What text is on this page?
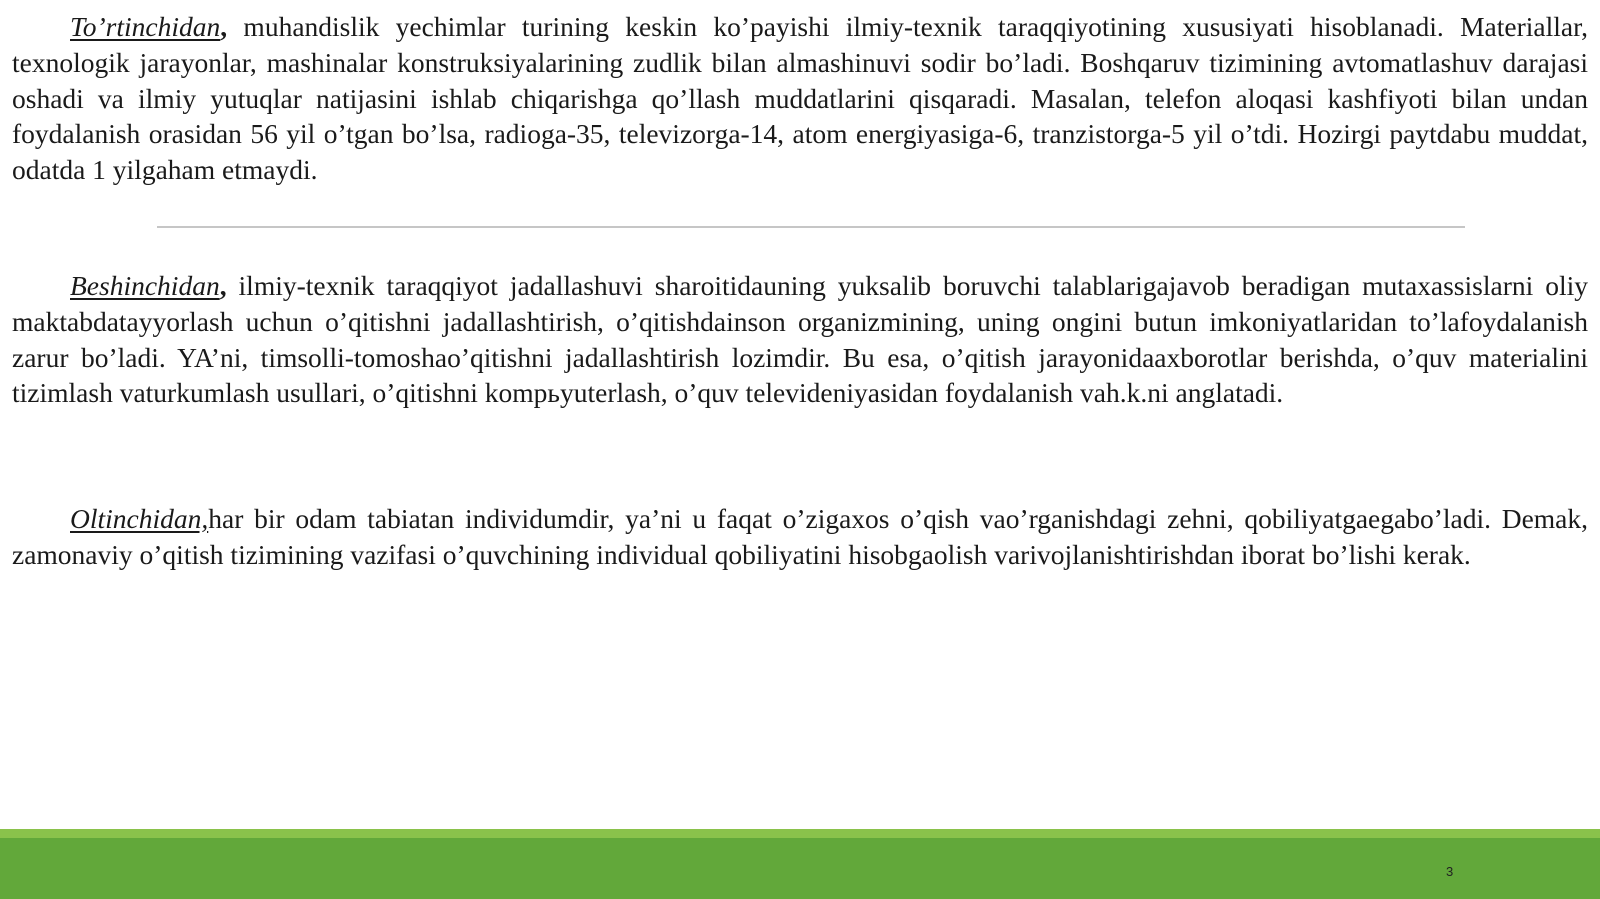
To’rtinchidan, muhandislik yechimlar turining keskin ko’payishi ilmiy-texnik taraqqiyotining xususiyati hisoblanadi. Materiallar, texnologik jarayonlar, mashinalar konstruksiyalarining zudlik bilan almashinuvi sodir bo’ladi. Boshqaruv tizimining avtomatlashuv darajasi oshadi va ilmiy yutuqlar natijasini ishlab chiqarishga qo’llash muddatlarini qisqaradi. Masalan, telefon aloqasi kashfiyoti bilan undan foydalanish orasidan 56 yil o’tgan bo’lsa, radioga-35, televizorga-14, atom energiyasiga-6, tranzistorga-5 yil o’tdi. Hozirgi paytdabu muddat, odatda 1 yilgaham etmaydi.

Beshinchidan, ilmiy-texnik taraqqiyot jadallashuvi sharoitidauning yuksalib boruvchi talablarigajavob beradigan mutaxassislarni oliy maktabdatayyorlash uchun o’qitishni jadallashtirish, o’qitishdainson organizmining, uning ongini butun imkoniyatlaridan to’lafoydalanish zarur bo’ladi. YA’ni, timsolli-tomoshao’qitishni jadallashtirish lozimdir. Bu esa, o’qitish jarayonidaaxborotlar berishda, o’quv materialini tizimlash vaturkumlash usullari, o’qitishni kompьyuterlash, o’quv televideniyasidan foydalanish vah.k.ni anglatadi.

Oltinchidan,har bir odam tabiatan individumdir, ya’ni u faqat o’zigaxos o’qish vao’rganishdagi zehni, qobiliyatgaegabo’ladi. Demak, zamonaviy o’qitish tizimining vazifasi o’quvchining individual qobiliyatini hisobgaolish varivojlanishtirishdan iborat bo’lishi kerak.

3
